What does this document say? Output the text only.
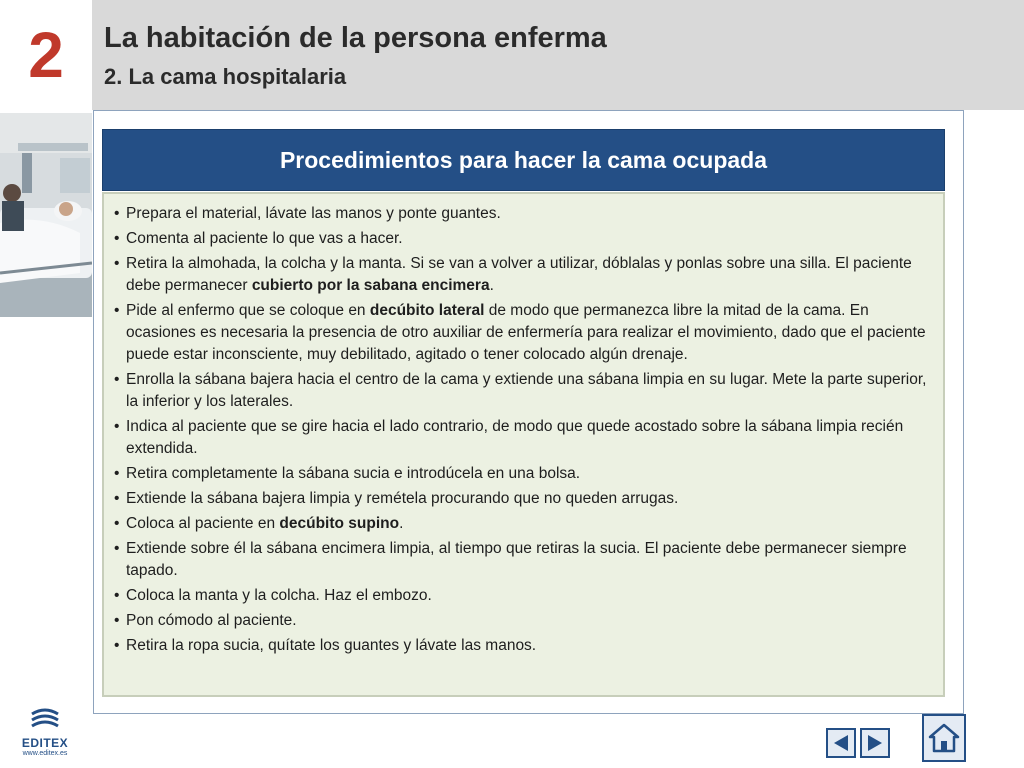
2	La habitación de la persona enferma
2. La cama hospitalaria
Procedimientos para hacer la cama ocupada
• Prepara el material, lávate las manos y ponte guantes.
• Comenta al paciente lo que vas a hacer.
• Retira la almohada, la colcha y la manta. Si se van a volver a utilizar, dóblalas y ponlas sobre una silla. El paciente debe permanecer cubierto por la sabana encimera.
• Pide al enfermo que se coloque en decúbito lateral de modo que permanezca libre la mitad de la cama. En ocasiones es necesaria la presencia de otro auxiliar de enfermería para realizar el movimiento, dado que el paciente puede estar inconsciente, muy debilitado, agitado o tener colocado algún drenaje.
• Enrolla la sábana bajera hacia el centro de la cama y extiende una sábana limpia en su lugar. Mete la parte superior, la inferior y los laterales.
• Indica al paciente que se gire hacia el lado contrario, de modo que quede acostado sobre la sábana limpia recién extendida.
• Retira completamente la sábana sucia e introdúcela en una bolsa.
• Extiende la sábana bajera limpia y remétela procurando que no queden arrugas.
• Coloca al paciente en decúbito supino.
• Extiende sobre él la sábana encimera limpia, al tiempo que retiras la sucia. El paciente debe permanecer siempre tapado.
• Coloca la manta y la colcha. Haz el embozo.
• Pon cómodo al paciente.
• Retira la ropa sucia, quítate los guantes y lávate las manos.
EDITEX
www.editex.es
